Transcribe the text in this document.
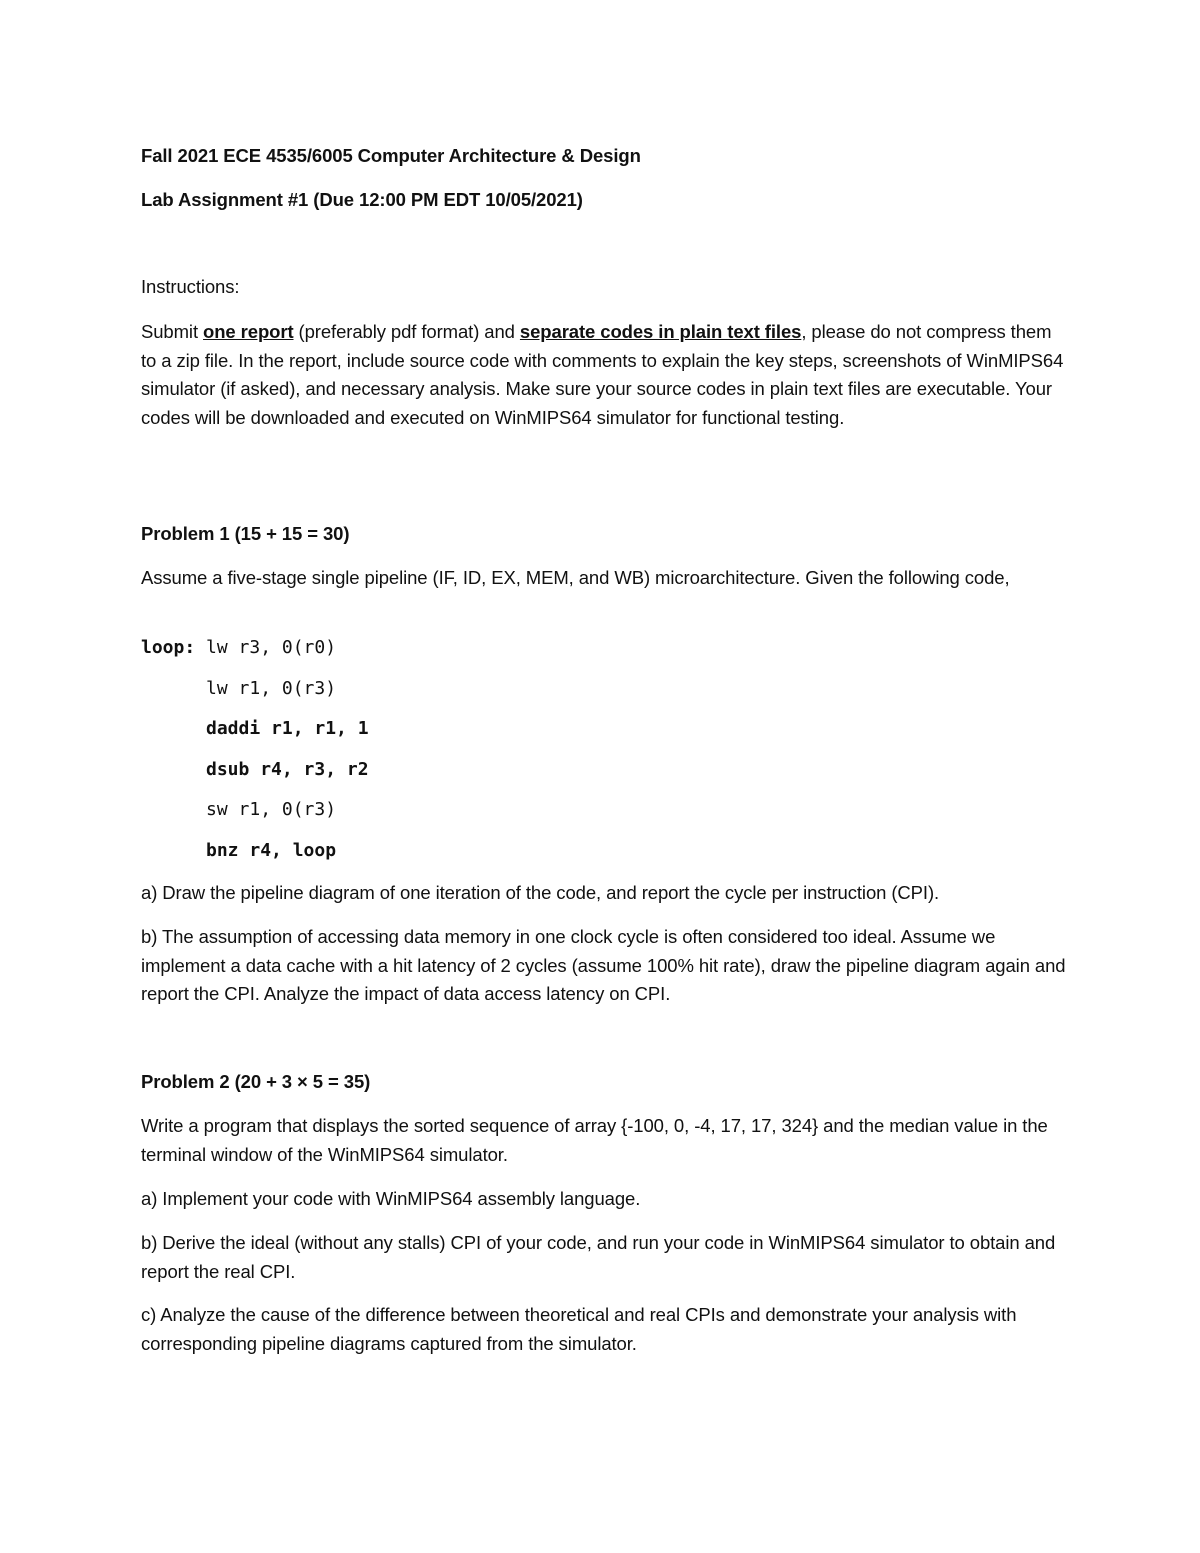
Fall 2021 ECE 4535/6005 Computer Architecture & Design

Lab Assignment #1 (Due 12:00 PM EDT 10/05/2021)

Instructions:

Submit one report (preferably pdf format) and separate codes in plain text files, please do not compress them to a zip file. In the report, include source code with comments to explain the key steps, screenshots of WinMIPS64 simulator (if asked), and necessary analysis. Make sure your source codes in plain text files are executable. Your codes will be downloaded and executed on WinMIPS64 simulator for functional testing.

Problem 1 (15 + 15 = 30)

Assume a five-stage single pipeline (IF, ID, EX, MEM, and WB) microarchitecture. Given the following code,

loop: lw r3, 0(r0)

lw r1, 0(r3)

daddi r1, r1, 1

dsub r4, r3, r2

sw r1, 0(r3)

bnz r4, loop

a) Draw the pipeline diagram of one iteration of the code, and report the cycle per instruction (CPI).

b) The assumption of accessing data memory in one clock cycle is often considered too ideal. Assume we implement a data cache with a hit latency of 2 cycles (assume 100% hit rate), draw the pipeline diagram again and report the CPI. Analyze the impact of data access latency on CPI.

Problem 2 (20 + 3 × 5 = 35)

Write a program that displays the sorted sequence of array {-100, 0, -4, 17, 17, 324} and the median value in the terminal window of the WinMIPS64 simulator.

a) Implement your code with WinMIPS64 assembly language.

b) Derive the ideal (without any stalls) CPI of your code, and run your code in WinMIPS64 simulator to obtain and report the real CPI.

c) Analyze the cause of the difference between theoretical and real CPIs and demonstrate your analysis with corresponding pipeline diagrams captured from the simulator.
